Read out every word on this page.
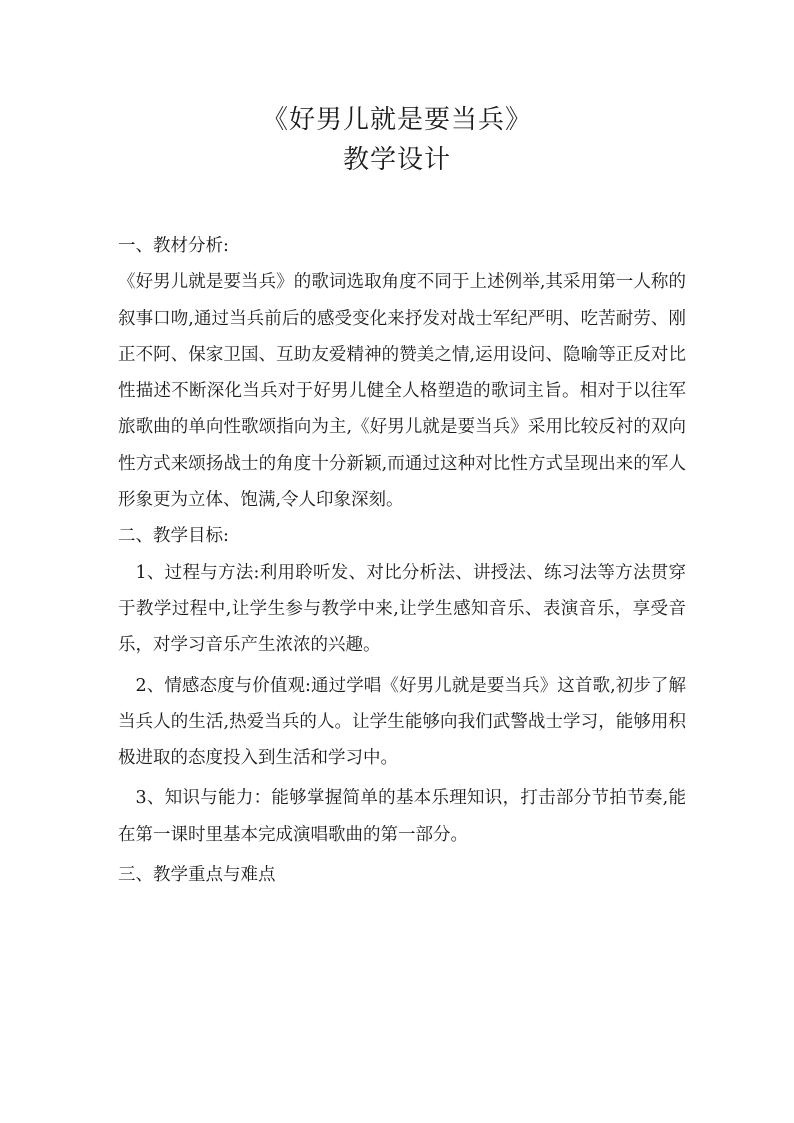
《好男儿就是要当兵》
教学设计

一、教材分析:

《好男儿就是要当兵》的歌词选取角度不同于上述例举,其采用第一人称的叙事口吻,通过当兵前后的感受变化来抒发对战士军纪严明、吃苦耐劳、刚正不阿、保家卫国、互助友爱精神的赞美之情,运用设问、隐喻等正反对比性描述不断深化当兵对于好男儿健全人格塑造的歌词主旨。相对于以往军旅歌曲的单向性歌颂指向为主,《好男儿就是要当兵》采用比较反衬的双向性方式来颂扬战士的角度十分新颖,而通过这种对比性方式呈现出来的军人形象更为立体、饱满,令人印象深刻。

二、教学目标:

1、过程与方法:利用聆听发、对比分析法、讲授法、练习法等方法贯穿于教学过程中,让学生参与教学中来,让学生感知音乐、表演音乐，享受音乐，对学习音乐产生浓浓的兴趣。

2、情感态度与价值观:通过学唱《好男儿就是要当兵》这首歌,初步了解当兵人的生活,热爱当兵的人。让学生能够向我们武警战士学习，能够用积极进取的态度投入到生活和学习中。

3、知识与能力：能够掌握简单的基本乐理知识，打击部分节拍节奏,能在第一课时里基本完成演唱歌曲的第一部分。

三、教学重点与难点
